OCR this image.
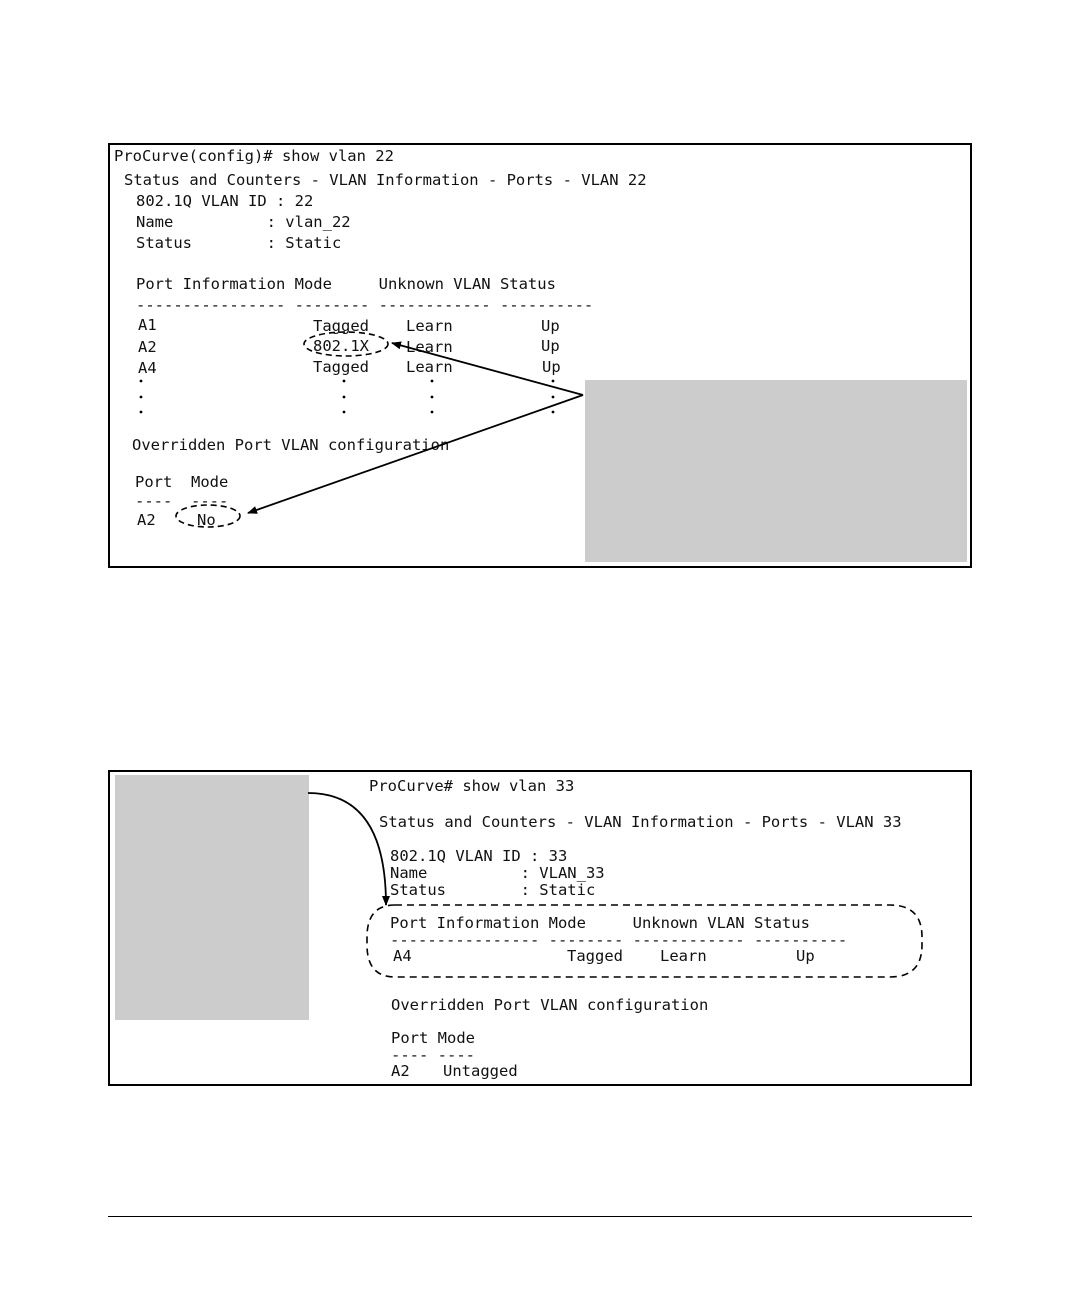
ProCurve(config)# show vlan 22
Status and Counters - VLAN Information - Ports - VLAN 22
802.1Q VLAN ID : 22
Name          : vlan_22
Status        : Static
Port Information Mode     Unknown VLAN Status
---------------- -------- ------------ ----------
A1	Tagged Learn	Up
A2	802.1X Learn	Up
A4	Tagged Learn	Up
Overridden Port VLAN configuration
Port  Mode
----  ----
A2	No
ProCurve# show vlan 33
Status and Counters - VLAN Information - Ports - VLAN 33
802.1Q VLAN ID : 33
Name          : VLAN_33
Status        : Static
Port Information Mode     Unknown VLAN Status
---------------- -------- ------------ ----------
A4	Tagged Learn	Up
Overridden Port VLAN configuration
Port Mode
---- ----
A2 Untagged
